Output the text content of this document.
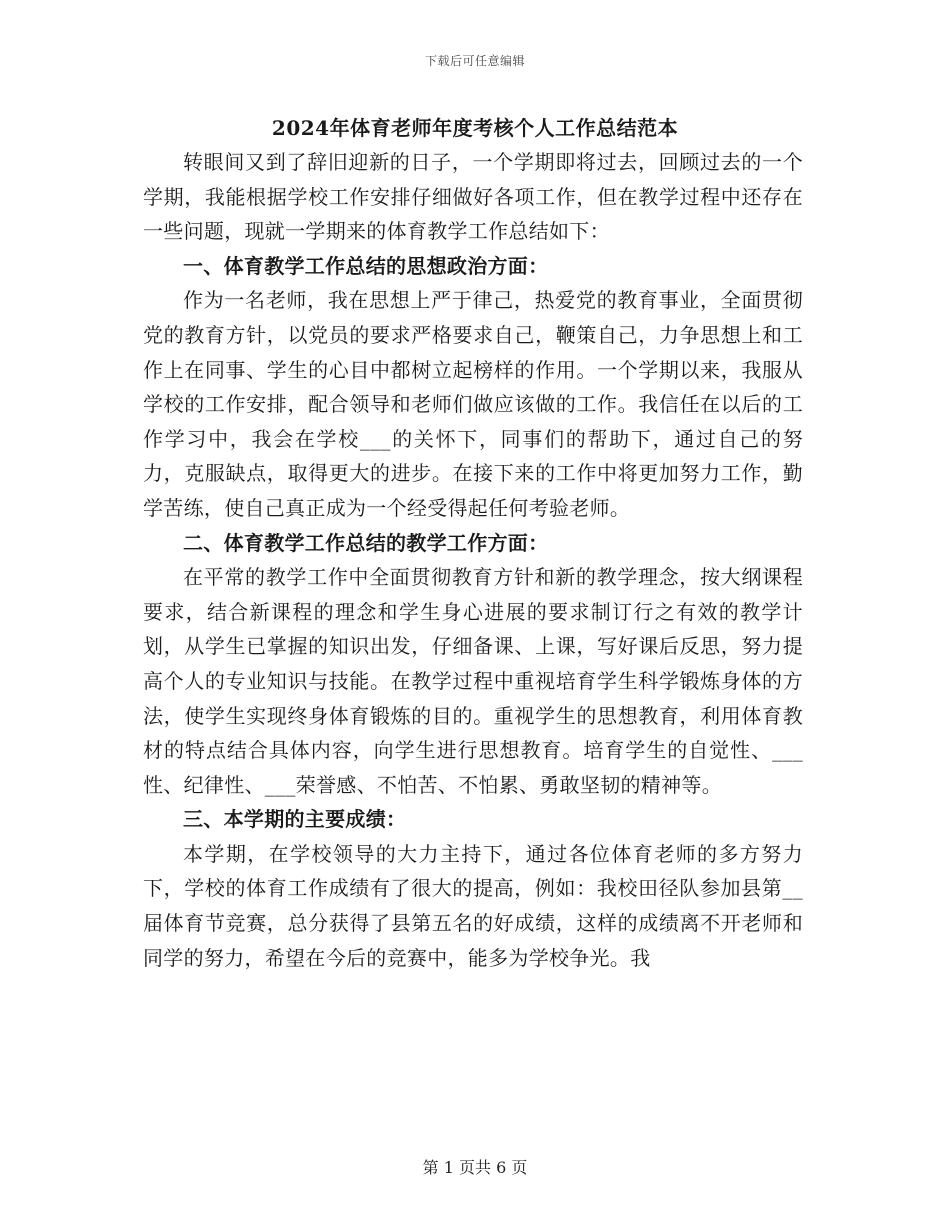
下载后可任意编辑
2024年体育老师年度考核个人工作总结范本

转眼间又到了辞旧迎新的日子，一个学期即将过去，回顾过去的一个学期，我能根据学校工作安排仔细做好各项工作，但在教学过程中还存在一些问题，现就一学期来的体育教学工作总结如下：

一、体育教学工作总结的思想政治方面：

作为一名老师，我在思想上严于律己，热爱党的教育事业，全面贯彻党的教育方针，以党员的要求严格要求自己，鞭策自己，力争思想上和工作上在同事、学生的心目中都树立起榜样的作用。一个学期以来，我服从学校的工作安排，配合领导和老师们做应该做的工作。我信任在以后的工作学习中，我会在学校___的关怀下，同事们的帮助下，通过自己的努力，克服缺点，取得更大的进步。在接下来的工作中将更加努力工作，勤学苦练，使自己真正成为一个经受得起任何考验老师。

二、体育教学工作总结的教学工作方面：

在平常的教学工作中全面贯彻教育方针和新的教学理念，按大纲课程要求，结合新课程的理念和学生身心进展的要求制订行之有效的教学计划，从学生已掌握的知识出发，仔细备课、上课，写好课后反思，努力提高个人的专业知识与技能。在教学过程中重视培育学生科学锻炼身体的方法，使学生实现终身体育锻炼的目的。重视学生的思想教育，利用体育教材的特点结合具体内容，向学生进行思想教育。培育学生的自觉性、___性、纪律性、___荣誉感、不怕苦、不怕累、勇敢坚韧的精神等。

三、本学期的主要成绩：

本学期，在学校领导的大力主持下，通过各位体育老师的多方努力下，学校的体育工作成绩有了很大的提高，例如：我校田径队参加县第__届体育节竞赛，总分获得了县第五名的好成绩，这样的成绩离不开老师和同学的努力，希望在今后的竞赛中，能多为学校争光。我

第 1 页共 6 页
